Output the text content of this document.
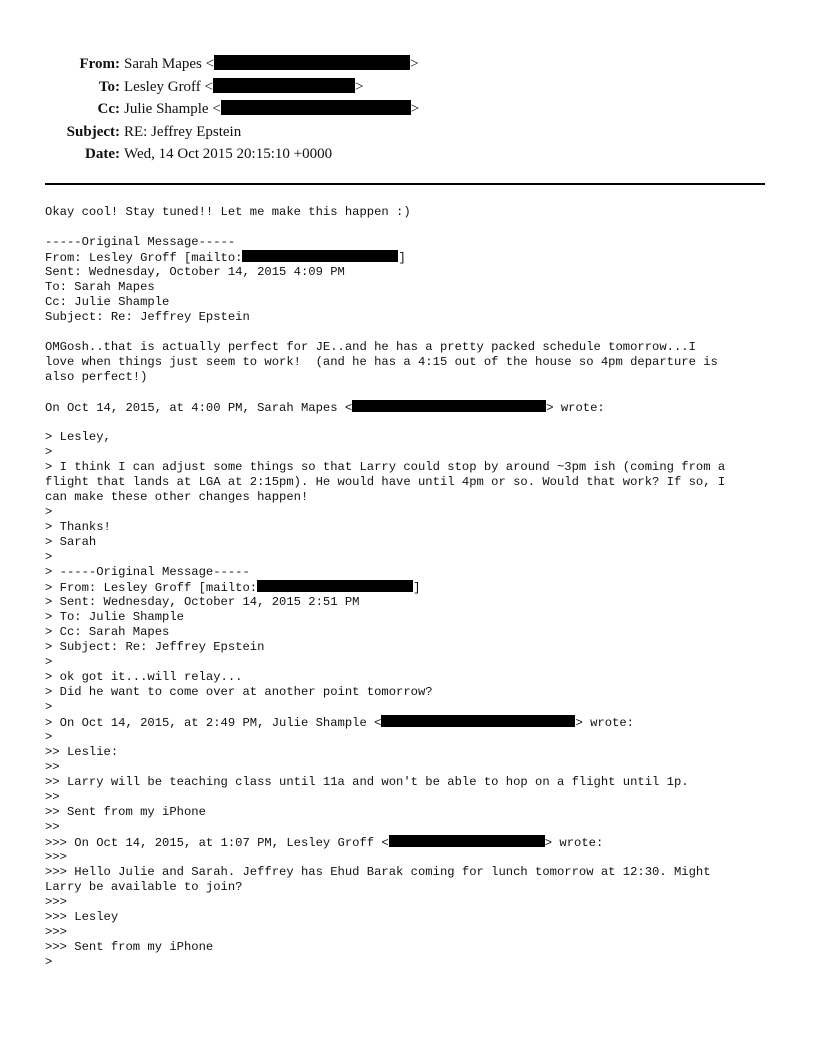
From: Sarah Mapes <	>
To: Lesley Groff <	>
Cc: Julie Shample <	>
Subject: RE: Jeffrey Epstein
Date: Wed, 14 Oct 2015 20:15:10 +0000
Okay cool! Stay tuned!! Let me make this happen :)
-----Original Message-----
From: Lesley Groff [mailto:	]
Sent: Wednesday, October 14, 2015 4:09 PM
To: Sarah Mapes
Cc: Julie Shample
Subject: Re: Jeffrey Epstein
OMGosh..that is actually perfect for JE..and he has a pretty packed schedule tomorrow...I
love when things just seem to work!  (and he has a 4:15 out of the house so 4pm departure is
also perfect!)
On Oct 14, 2015, at 4:00 PM, Sarah Mapes <	> wrote:
> Lesley,
>
> I think I can adjust some things so that Larry could stop by around ~3pm ish (coming from a
flight that lands at LGA at 2:15pm). He would have until 4pm or so. Would that work? If so, I
can make these other changes happen!
>
> Thanks!
> Sarah
>
> -----Original Message-----
> From: Lesley Groff [mailto:	]
> Sent: Wednesday, October 14, 2015 2:51 PM
> To: Julie Shample
> Cc: Sarah Mapes
> Subject: Re: Jeffrey Epstein
>
> ok got it...will relay...
> Did he want to come over at another point tomorrow?
>
> On Oct 14, 2015, at 2:49 PM, Julie Shample <	> wrote:
>
>> Leslie:
>>
>> Larry will be teaching class until 11a and won't be able to hop on a flight until 1p.
>>
>> Sent from my iPhone
>>
>>> On Oct 14, 2015, at 1:07 PM, Lesley Groff <	> wrote:
>>>
>>> Hello Julie and Sarah. Jeffrey has Ehud Barak coming for lunch tomorrow at 12:30. Might
Larry be available to join?
>>>
>>> Lesley
>>>
>>> Sent from my iPhone
>
